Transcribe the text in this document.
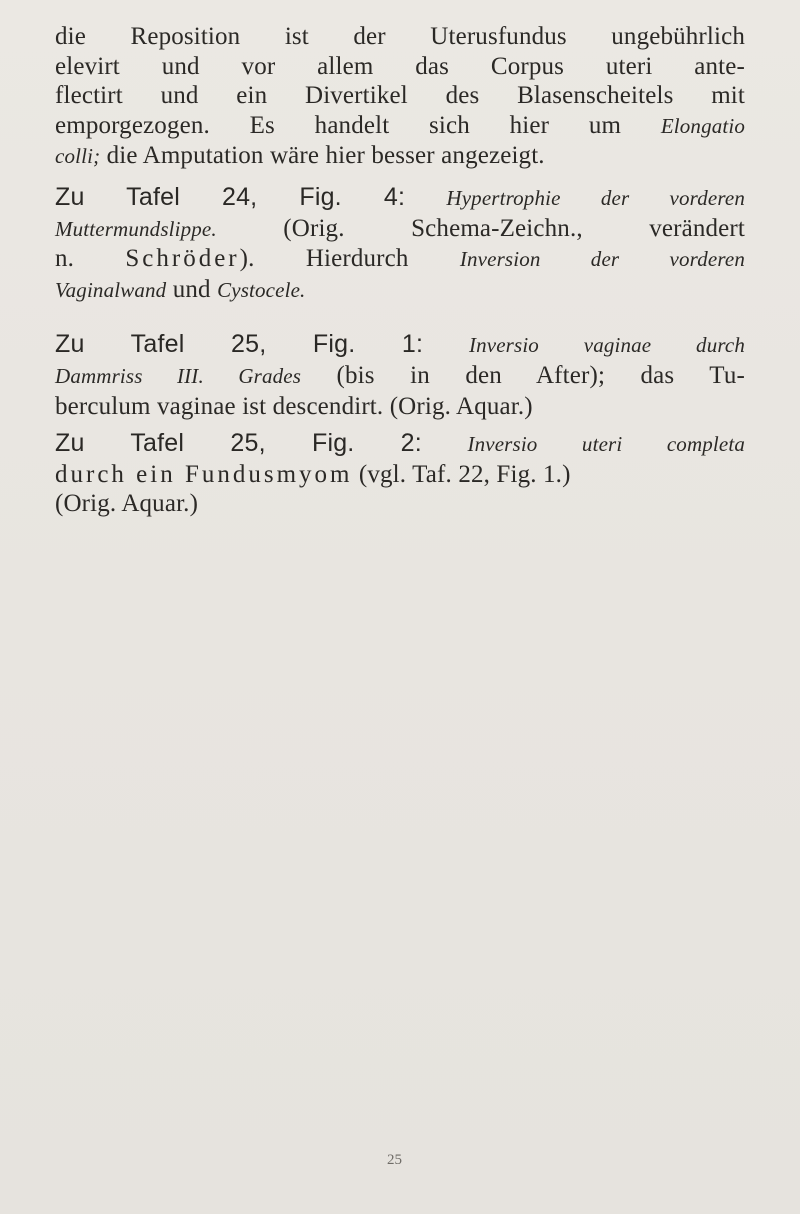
die Reposition ist der Uterusfundus ungebührlich
elevirt und vor allem das Corpus uteri ante-
flectirt und ein Divertikel des Blasenscheitels mit
emporgezogen. Es handelt sich hier um Elongatio
colli; die Amputation wäre hier besser angezeigt.
Zu Tafel 24, Fig. 4: Hypertrophie der vorderen
Muttermundslippe. (Orig. Schema-Zeichn., verändert
n. Schröder). Hierdurch Inversion der vorderen
Vaginalwand und Cystocele.
Zu Tafel 25, Fig. 1: Inversio vaginae durch
Dammriss III. Grades (bis in den After); das Tu-
berculum vaginae ist descendirt. (Orig. Aquar.)
Zu Tafel 25, Fig. 2: Inversio uteri completa
durch ein Fundusmyom (vgl. Taf. 22, Fig. 1.)
(Orig. Aquar.)
25
